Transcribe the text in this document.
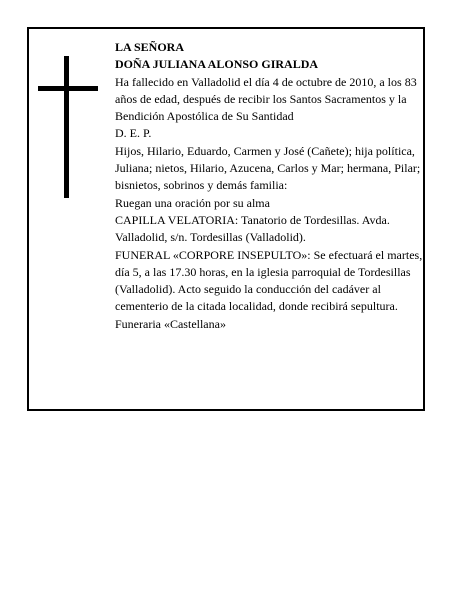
LA SEÑORA

DOÑA JULIANA ALONSO GIRALDA

Ha fallecido en Valladolid el día 4 de octubre de 2010, a los 83 años de edad, después de recibir los Santos Sacramentos y la Bendición Apostólica de Su Santidad

D. E. P.

Hijos, Hilario, Eduardo, Carmen y José (Cañete); hija política, Juliana; nietos, Hilario, Azucena, Carlos y Mar; hermana, Pilar; bisnietos, sobrinos y demás familia:

Ruegan una oración por su alma

CAPILLA VELATORIA: Tanatorio de Tordesillas. Avda. Valladolid, s/n. Tordesillas (Valladolid).

FUNERAL «CORPORE INSEPULTO»: Se efectuará el martes, día 5, a las 17.30 horas, en la iglesia parroquial de Tordesillas (Valladolid). Acto seguido la conducción del cadáver al cementerio de la citada localidad, donde recibirá sepultura.

Funeraria «Castellana»
